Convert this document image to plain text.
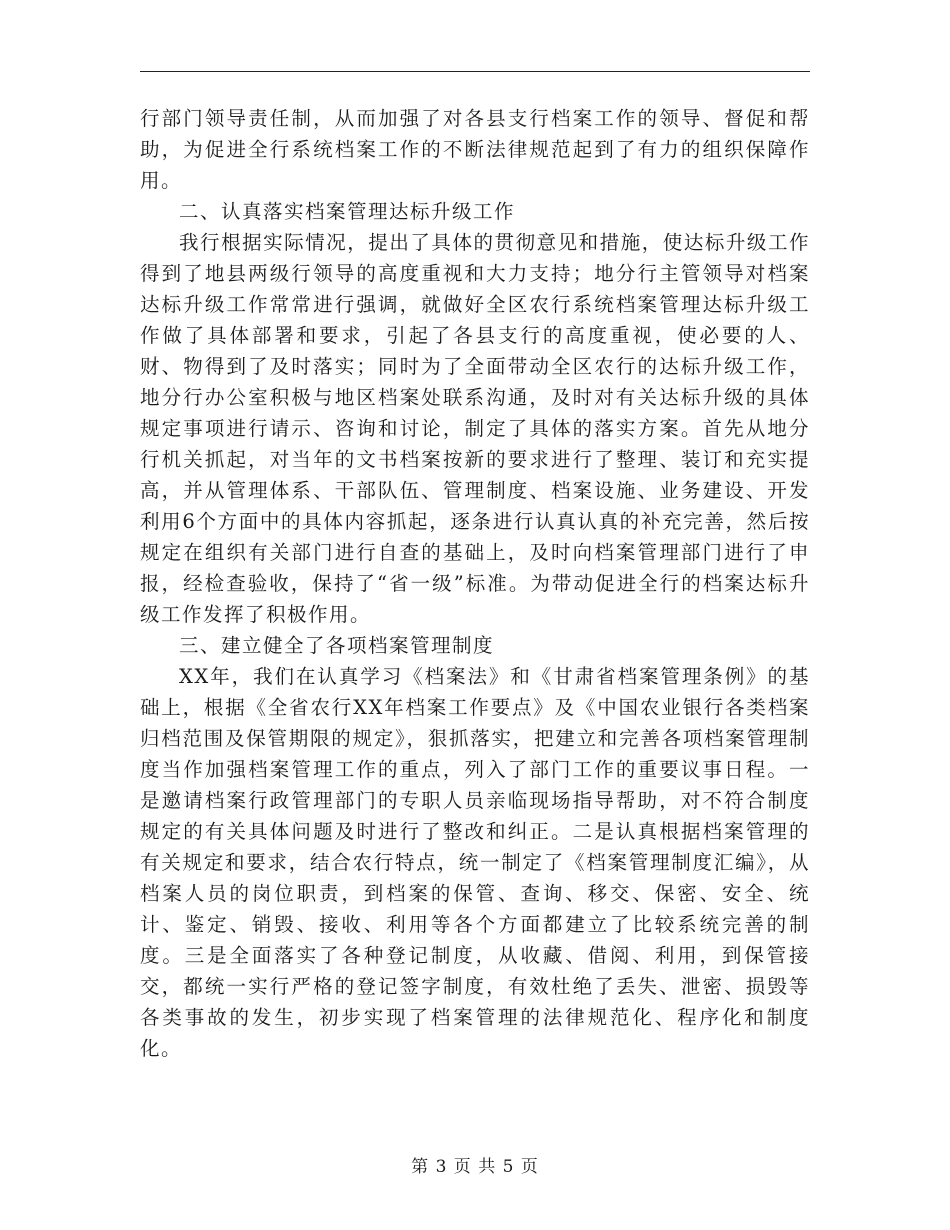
行部门领导责任制，从而加强了对各县支行档案工作的领导、督促和帮助，为促进全行系统档案工作的不断法律规范起到了有力的组织保障作用。

二、认真落实档案管理达标升级工作

我行根据实际情况，提出了具体的贯彻意见和措施，使达标升级工作得到了地县两级行领导的高度重视和大力支持；地分行主管领导对档案达标升级工作常常进行强调，就做好全区农行系统档案管理达标升级工作做了具体部署和要求，引起了各县支行的高度重视，使必要的人、财、物得到了及时落实；同时为了全面带动全区农行的达标升级工作，地分行办公室积极与地区档案处联系沟通，及时对有关达标升级的具体规定事项进行请示、咨询和讨论，制定了具体的落实方案。首先从地分行机关抓起，对当年的文书档案按新的要求进行了整理、装订和充实提高，并从管理体系、干部队伍、管理制度、档案设施、业务建设、开发利用6个方面中的具体内容抓起，逐条进行认真认真的补充完善，然后按规定在组织有关部门进行自查的基础上，及时向档案管理部门进行了申报，经检查验收，保持了“省一级”标准。为带动促进全行的档案达标升级工作发挥了积极作用。

三、建立健全了各项档案管理制度

XX年，我们在认真学习《档案法》和《甘肃省档案管理条例》的基础上，根据《全省农行XX年档案工作要点》及《中国农业银行各类档案归档范围及保管期限的规定》，狠抓落实，把建立和完善各项档案管理制度当作加强档案管理工作的重点，列入了部门工作的重要议事日程。一是邀请档案行政管理部门的专职人员亲临现场指导帮助，对不符合制度规定的有关具体问题及时进行了整改和纠正。二是认真根据档案管理的有关规定和要求，结合农行特点，统一制定了《档案管理制度汇编》，从档案人员的岗位职责，到档案的保管、查询、移交、保密、安全、统计、鉴定、销毁、接收、利用等各个方面都建立了比较系统完善的制度。三是全面落实了各种登记制度，从收藏、借阅、利用，到保管接交，都统一实行严格的登记签字制度，有效杜绝了丢失、泄密、损毁等各类事故的发生，初步实现了档案管理的法律规范化、程序化和制度化。

第 3 页 共 5 页
